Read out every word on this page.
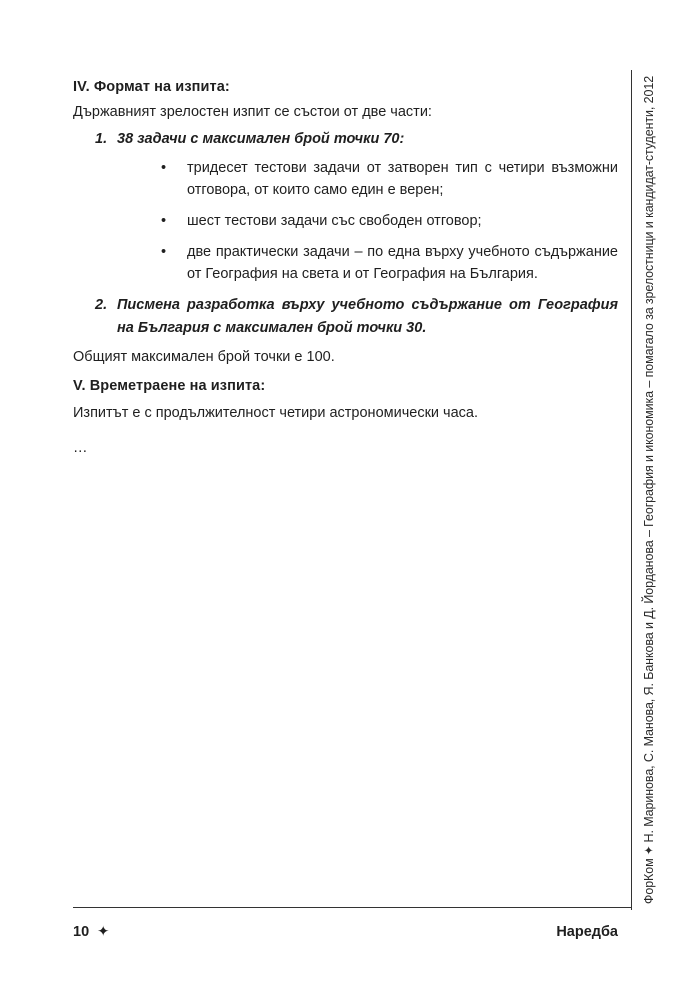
IV. Формат на изпита:

Държавният зрелостен изпит се състои от две части:

1. 38 задачи с максимален брой точки 70:
• тридесет тестови задачи от затворен тип с четири възможни отговора, от които само един е верен;
• шест тестови задачи със свободен отговор;
• две практически задачи – по една върху учебното съдържание от География на света и от География на България.
2. Писмена разработка върху учебното съдържание от География на България с максимален брой точки 30.

Общият максимален брой точки е 100.

V. Времетраене на изпита:

Изпитът е с продължителност четири астрономически часа.

…

ФорКом✦Н. Маринова, С. Манова, Я. Банкова и Д. Йорданова – География и икономика – помагало за зрелостници и кандидат-студенти, 2012
10 ✦	Наредба
